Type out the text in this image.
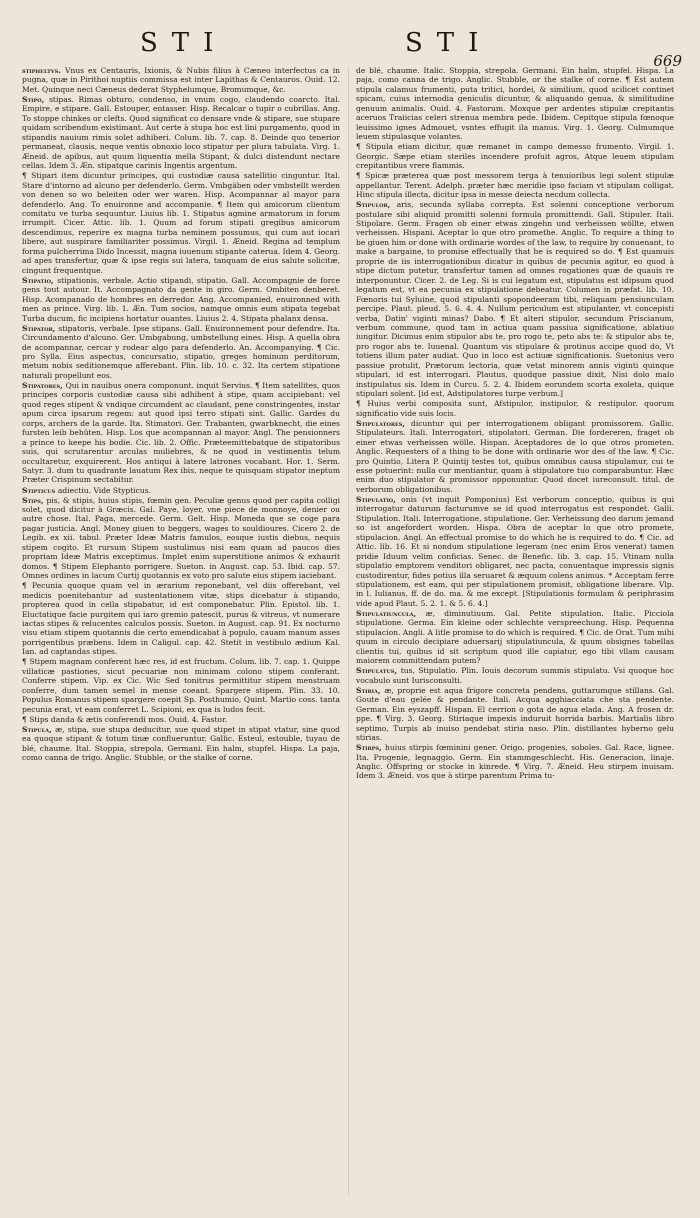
STI	STI
669

stipheltvs. Vnus ex Centauris, Ixionis, & Nubis filius à Cæneo interfectus ca in pugna, quæ in Pirithoi nuptiis commissa est inter Lapithas & Centauros. Ouid. 12. Met. Quinque neci Cæneus dederat Styphelumque, Bromumque, &c.

Stipo, stipas. Rimas obturo, condenso, in vnum cogo, claudendo coarcto. Ital. Empire, e stipare. Gall. Estouper, entasser. Hisp. Recalcar o tupir o cubrillas. Ang. To stoppe chinkes or clefts. Quod significat co densare vnde & stipare, sue stupare quidam scribendum existimant. Aut certe à stupa hoc est lini purgamento, quod in stipandis nauium rimis solet adhiberi. Colum. lib. 7. cap. 8. Deinde quo tenerior permaneat, clausis, neque ventis obnoxio loco stipatur per plura tabulata. Virg. 1. Æneid. de apibus, aut quum liquentia mella Stipant, & dulci distendunt nectare cellas. Idem 3. Æn. stipatque carinis Ingentis argentum.

¶ Stipari item dicuntur principes, qui custodiæ causa satellitio cinguntur. Ital. Stare d'intorno ad alcuno per defenderlo. Germ. Vmbgäben oder vmbstellt werden von denen so wo beleiten oder wer waren. Hisp. Acompannar al mayor para defenderlo. Ang. To enuironne and accompanie. ¶ Item qui amicorum clientum comitatu ve turba sequuntur. Liuius lib. 1. Stipatus agmine armatorum in forum irrumpit. Cicer. Attic. lib. 1. Quum ad forum stipati gregibus amicorum descendimus, reperire ex magna turba neminem possumus, qui cum aut iocari libere, aut suspirare familiariter possimus. Virgil. 1. Æneid. Regina ad templum forma pulcherrima Dido Incessit, magna iuuenum stipante caterua. Idem 4. Georg. ad apes transfertur, quæ & ipse regis sui latera, tanquam de eius salute solicitæ, cingunt frequentque.

Stipatio, stipationis, verbale. Actio stipandi, stipatio. Gall. Accompagnie de force gens tout autour. It. Accompagnato da gente in giro. Germ. Ombiten denberet. Hisp. Acompanado de hombres en derredor. Ang. Accompanied, enuironned with men as prince. Virg. lib. 1. Æn. Tum socios, namque omnis eum stipata tegebat Turba ducum, fic incipiens hortatur ouantes. Liuius 2. 4. Stipata phalanx densa.

Stipator, stipatoris, verbale. Ipse stipans. Gall. Enuironnement pour defendre. Ita. Circundamento d'alcuno. Ger. Umbgabung, umbstellung eines. Hisp. A quella obra de acompannar, cercar y rodear algo para defenderlo. An. Accompanying. ¶ Cic. pro Sylla. Eius aspectus, concursatio, stipatio, greges hominum perditorum, metum nobis seditionemque afferebant. Plin. lib. 10. c. 32. Ita certem stipatione naturali propellunt eos.

Stipatores, Qui in nauibus onera componunt. inquit Servius. ¶ Item satellites, quos principes corporis custodiæ causa sibi adhibent à stipe, quam accipiebant: vel quod reges stipent & vndique circumdent ac claudant, pene constringentes, instar apum circa ipsarum regem: aut quod ipsi terro stipati sint. Gallic. Gardes du corps, archers de la garde. Ita. Stimatori. Ger. Trabanten, gwarbknecht, die eines fursten leib behüten. Hisp. Los que acompannan al mayor. Angl. The pensionners a prince to keepe his bodie. Cic. lib. 2. Offic. Præteemittebatque de stipatoribus suis, qui scrutarentur arculas muliebres, & ne quod in vestimentis telum occultaretur, exquirerent. Hos antiqui à latere latrones vocabant. Hor. 1. Serm. Satyr. 3. dum tu quadrante lauatum Rex ibis, neque te quisquam stipator ineptum Præter Crispinum sectabitur.

Stipticus adiectiu. Vide Stypticus.

Stips, pis, & stipis, huius stipis, fœmin gen. Peculiæ genus quod per capita colligi solet, quod dicitur à Græcis. Gal. Paye, loyer, vne piece de monnoye, denier ou autre chose. Ital. Paga, mercede. Germ. Gelt. Hisp. Moneda que se coge para pagar justicia. Angl. Money giuen to beggers, wages to souldioures. Cicero 2. de Legib. ex xii. tabul. Præter Ideæ Matris famulos, eosque iustis diebus, nequis stipem cogito. Et rursum Stipem sustulimus nisi eam quam ad paucos dies propriam Ideæ Matris exceptimus. Implet enim superstitione animos & exhaurit domos. ¶ Stipem Elephanto porrigere. Sueton. in August. cap. 53. Ibid. cap. 57. Omnes ordines in lacum Curtij quotannis ex voto pro salute eius stipem iaciebant.

¶ Pecunia quoque quam vel in ærarium reponebant, vel diis offerebant, vel medicis poenitebantur ad sustentationem vitæ, stips dicebatur à stipando, propterea quod in cella stipabatur, id est componebatur. Plin. Epistol. lib. 1. Eluctatique facie purgitem qui iaro gremio patescit, purus & vitreus, vt numerare iactas stipes & relucentes calculos possis. Sueton. in August. cap. 91. Ex nocturno visu etiam stipem quotannis die certo emendicabat à populo, cauam manum asses porrigentibus præbens. Idem in Caligul. cap. 42. Stetit in vestibulo ædium Kal. Ian. ad captandas stipes.

¶ Stipem magnam conferent hæc res, id est fructum. Colum. lib. 7. cap. 1. Quippe villaticæ pastiones, sicut pecuariæ non minimam colono stipem conferant. Conferre stipem. Vip. ex Cic. Wic Sed tonitrus permittitur stipem menstruam conferre, dum tamen semel in mense coeant. Spargere stipem. Plin. 33. 10. Populus Romanus stipem spargere coepit Sp. Posthumio, Quint. Martio coss. tanta pecunia erat, vt eam conferret L. Scipioni, ex qua is ludos fecit.

¶ Stips danda & ætis conferendi mos. Ouid. 4. Fastor.

Stipula, æ, stipa, sue stupa deducitur, sue quod stipet in stipat vtatur, sine quod ea quoque stipant & totum tinæ conflueruntur. Gallic. Esteul, estouble, tuyau de blé, chaume. Ital. Stoppia, strepola. Germani. Ein halm, stupfel. Hispa. La paja, como canna de trigo. Anglic. Stubble, or the stalke of corne.

de blé, chaume. Italic. Stoppia, strepola. Germani. Ein halm, stupfel. Hispa. La paja, como canna de trigo. Anglic. Stubble, or the stalke of corne. ¶ Est autem stipula calamus frumenti, puta tritici, hordei, & similium, quod scilicet continet spicam, cuius internodia geniculis dicuntur, & aliquando genua, & similitudine genuum animalis. Ouid. 4. Fastorum. Moxque per ardentes stipulæ crepitantis aceruos Traiicias celeri strenua membra pede. Ibidem. Cepitque stipula fœnoque leuissimo ignes Admouet, vsntes effugit ila manus. Virg. 1. Georg. Culmumque leuem stipulasque volantes.

¶ Stipula etiam dicitur, quæ remanet in campo demesso frumento. Virgil. 1. Georgic. Sæpe etiam steriles incendere profuit agros, Atque leuem stipulam crepitantibus vrere flammis.

¶ Spicæ præterea quæ post messorem terga à tenuioribus legi solent stipulæ appellantur. Terent. Adelph. præter hæc meridie ipso faciam vt stipulam colligat. Hinc stipula illecta, dicitur ipsa in messe deiecta necdum collecta.

Stipulor, aris, secunda syllaba correpta. Est solenni conceptione verborum postulare sibi aliquid promitti solenni formula promittendi. Gall. Stipuler. Itali. Stipolare. Germ. Fragen ob einer etwas zingehn und verheissen wöllte, etwen verheissen. Hispani. Aceptar lo que otro promethe. Anglic. To require a thing to be giuen him or done with ordinarie wordes of the law, to require by conuenant, to make a bargaine, to promise effectually that he is required so do. ¶ Est quamuis proprie de iis interrogationibus dicatur in quibus de pecunia agitur, eo quod à stipe dictum putetur, transfertur tamen ad omnes rogationes quæ de quauis re interponuntur. Cicer. 2. de Leg. Si is cui legatum est, stipulatus est idipsum quod legatum est, vt ea pecunia ex stipulatione debeatur. Columen in præfat. lib. 10. Fœnoris tui Syluine, quod stipulanti spopondeeram tibi, reliquam pensiunculam percipe. Plaut. pleud. 5. 6. 4. 4. Nullum periculum est stipulanter, vt concepisti verba, Datin' viginti minas? Dabo. ¶ Et alteri stipulor, secundum Priscianum, verbum commune, quod tam in actiua quam passiua significatione, ablatiuo iungitur. Dicimus enim stipulor abs te, pro rogo te, peto abs te: & stipulor abs te, pro rogor abs te. Iuuenal. Quantum vis stipulare & protinus accipe quod do, Vt totiens illum pater audiat. Quo in loco est actiuæ significationis. Suetonius vero passiue protulit, Prætorum lectoria, quæ vetat minorem annis viginti quinque stipulari, id est interrogari. Plautus, quodque passiue dixit, Nisi dolo malo instipulatus sis. Idem in Curcu. 5. 2. 4. Ibidem eorundem scorta exoleta, quique stipulari solent. [id est, Adstipulatores turpe verbum.]

¶ Huius verbi composita sunt, Afstipulor, instipulor, & restipulor. quorum significatio vide suis locis.

Stipulatores, dicuntur qui per interrogationem obligant promissorem. Gallic. Stipulateurs. Itali. Interrogatori, stipolatori. German. Die fordereren, fraget ob einer etwas verheissen wölle. Hispan. Aceptadores de lo que otros prometen. Anglic. Requesters of a thing to be done with ordinarie wor des of the law. ¶ Cic. pro Quintio, Litera P. Quintij testes tot, quibus omnibus causa stipulamur, cui te esse potuerint: nulla cur mentiantur, quam à stipulatore tuo comparabuntur. Hæc enim duo stipulator & promissor opponuntur. Quod docet iureconsult. titul. de verborum obligationibus.

Stipulatio, onis (vt inquit Pomponius) Est verborum conceptio, quibus is qui interrogatur daturum facturumve se id quod interrogatus est respondet. Galli. Stipulation. Itali. Interrogatione, stipulatione. Ger. Verheissung deo darum jemand so ist angefordert worden. Hispa. Obra de aceptar lo que otro promete, stipulacion. Angl. An effectual promise to do which he is required to do. ¶ Cic. ad Attic. lib. 16. Et si nondum stipulatione legeram (nec enim Eros venerat) tamen pridie Iduum velim conficias. Senec. de Benefic. lib. 3. cap. 15. Vtinam nulla stipulatio emptorem venditori obligaret, nec pacta, conuentaque impressis signis custodirentur, fides potius illa seruaret & æquum colens animus. * Acceptam ferre stipulationem, est eam, qui per stipulationem promisit, obligatione liberare. Vlp. in l. Iulianus, ff. de do. ma. & me except. [Stipulationis formulam & periphrasim vide apud Plaut. 5. 2. 1. & 5. 6. 4.]

Stipulatiuncula, æ, diminutiuum. Gal. Petite stipulation. Italic. Picciola stipulatione. Germa. Ein kleine oder schlechte verspreechung. Hisp. Pequenna stipulacion. Angli. A litle promise to do which is required. ¶ Cic. de Orat. Tum mihi quum in circulo decipiare aduersarij stipulatiuncula, & quum obsignes tabellas clientis tui, quibus id sit scriptum quod ille capiatur, ego tibi vllam causam maiorem committendam putem?

Stipulatus, tus, Stipulatio. Plin. Iouis decorum summis stipulatu. Vsi quoque hoc vocabulo sunt Iurisconsulti.

Stiria, æ, proprie est aqua frigore concreta pendens, guttarumque stillans. Gal. Goute d'eau gelée & pendante. Itali. Acqua agghiacciata che sta pendente. German. Ein eyszapff. Hispan. El cerrion o gota de agua elada. Ang. A frosen dr. ppe. ¶ Virg. 3. Georg. Stiriaque impexis induruit horrida barbis. Martialis libro septimo, Turpis ab inuiso pendebat stiria naso. Plin. distillantes hyberno gelu stirias.

Stirps, huius stirpis fœminini gener. Origo, progenies, soboles. Gal. Race, lignee. Ita. Progenie, legnaggio. Germ. Ein stammgeschlecht. His. Generacion, linaje. Anglic. Offspring or stocke in kinrede. ¶ Virg. 7. Æneid. Heu stirpem inuisam. Idem 3. Æneid. vos que à stirpe parentum Prima tu-
